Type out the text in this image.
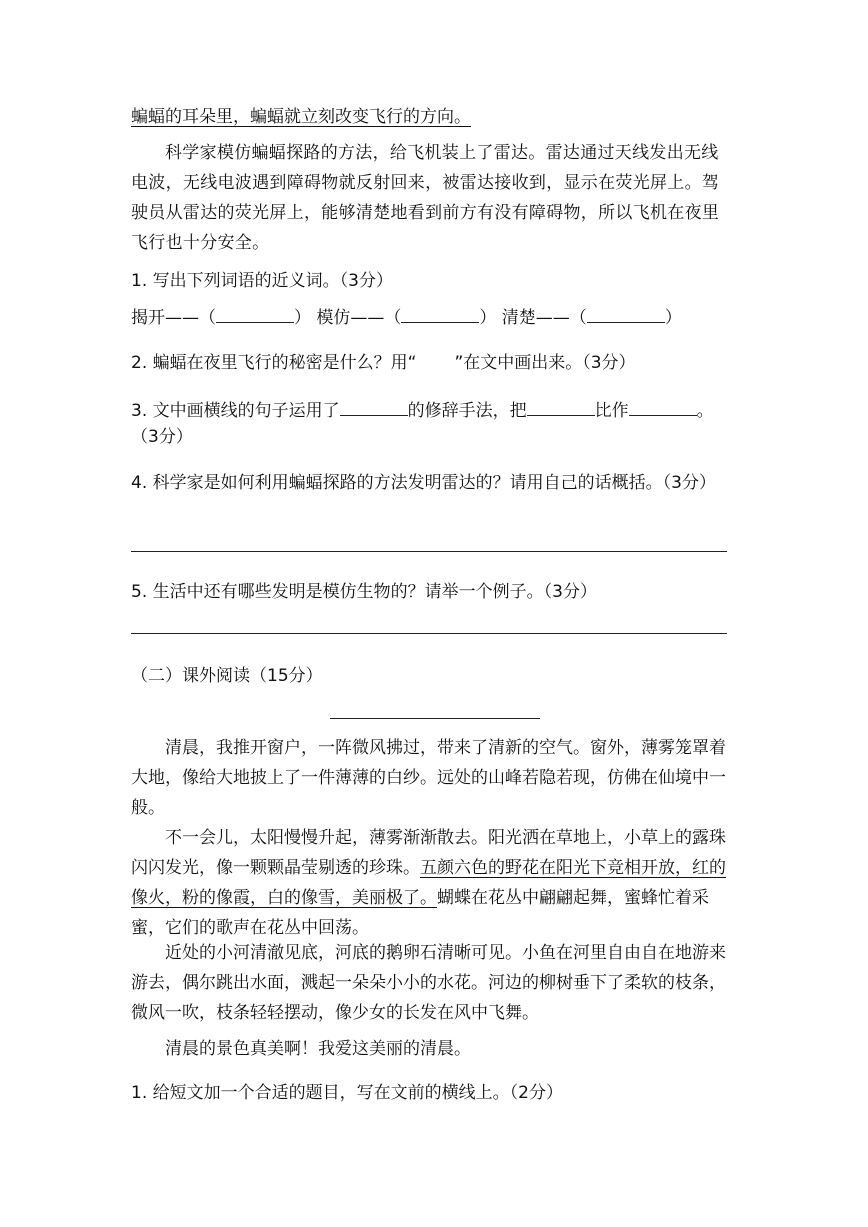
蝙蝠的耳朵里，蝙蝠就立刻改变飞行的方向。

科学家模仿蝙蝠探路的方法，给飞机装上了雷达。雷达通过天线发出无线电波，无线电波遇到障碍物就反射回来，被雷达接收到，显示在荧光屏上。驾驶员从雷达的荧光屏上，能够清楚地看到前方有没有障碍物，所以飞机在夜里飞行也十分安全。

1. 写出下列词语的近义词。（3分）
揭开——（	） 模仿——（	） 清楚——（	）
2. 蝙蝠在夜里飞行的秘密是什么？用“ ”在文中画出来。（3分）
3. 文中画横线的句子运用了	的修辞手法，把	比作	。
（3分）

4. 科学家是如何利用蝙蝠探路的方法发明雷达的？请用自己的话概括。（3分）

5. 生活中还有哪些发明是模仿生物的？请举一个例子。（3分）
（二）课外阅读（15分）

清晨，我推开窗户，一阵微风拂过，带来了清新的空气。窗外，薄雾笼罩着大地，像给大地披上了一件薄薄的白纱。远处的山峰若隐若现，仿佛在仙境中一般。

不一会儿，太阳慢慢升起，薄雾渐渐散去。阳光洒在草地上，小草上的露珠闪闪发光，像一颗颗晶莹剔透的珍珠。五颜六色的野花在阳光下竞相开放，红的像火，粉的像霞，白的像雪，美丽极了。蝴蝶在花丛中翩翩起舞，蜜蜂忙着采蜜，它们的歌声在花丛中回荡。

近处的小河清澈见底，河底的鹅卵石清晰可见。小鱼在河里自由自在地游来游去，偶尔跳出水面，溅起一朵朵小小的水花。河边的柳树垂下了柔软的枝条，微风一吹，枝条轻轻摆动，像少女的长发在风中飞舞。

清晨的景色真美啊！我爱这美丽的清晨。

1. 给短文加一个合适的题目，写在文前的横线上。（2分）
